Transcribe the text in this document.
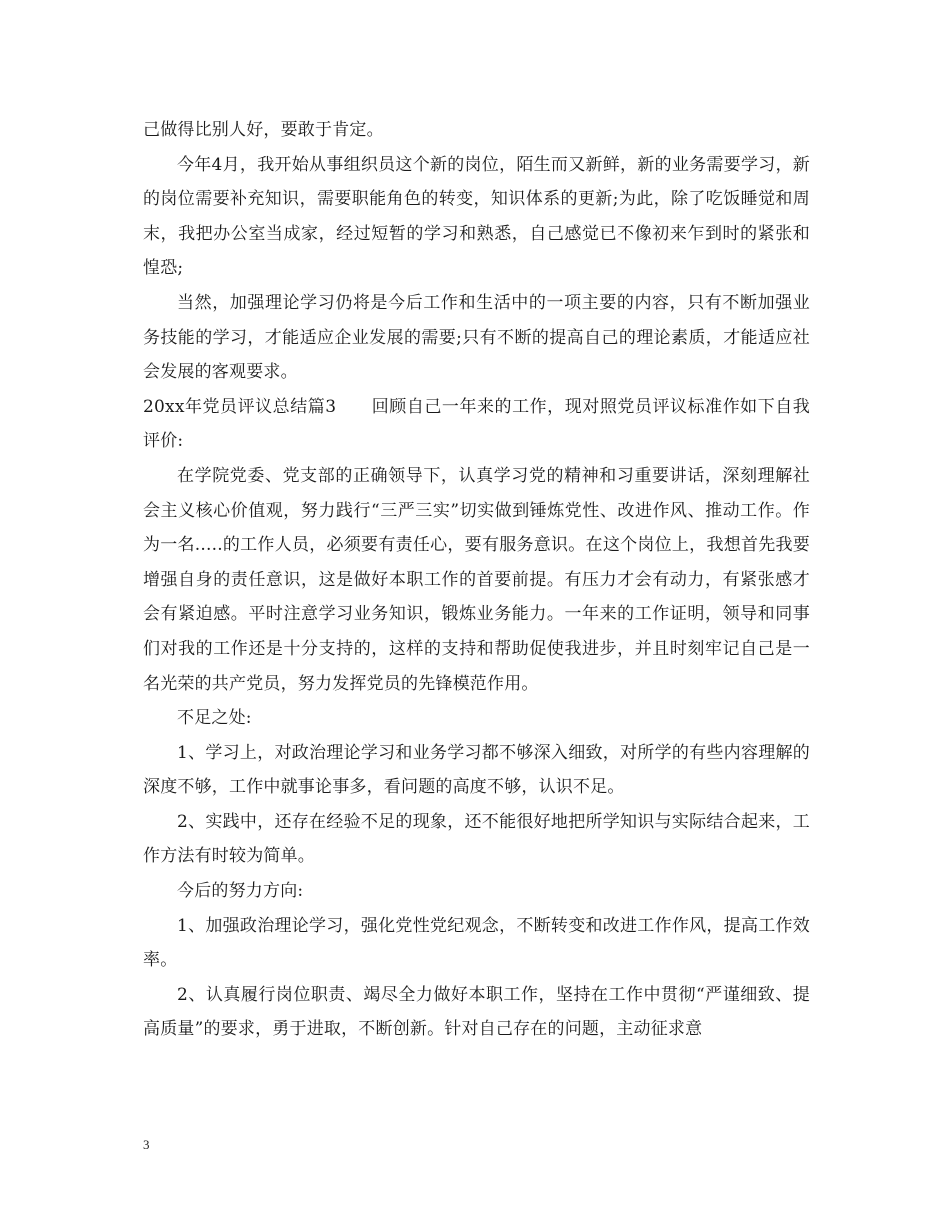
己做得比别人好，要敢于肯定。

今年4月，我开始从事组织员这个新的岗位，陌生而又新鲜，新的业务需要学习，新的岗位需要补充知识，需要职能角色的转变，知识体系的更新;为此，除了吃饭睡觉和周末，我把办公室当成家，经过短暂的学习和熟悉，自己感觉已不像初来乍到时的紧张和惶恐;

当然，加强理论学习仍将是今后工作和生活中的一项主要的内容，只有不断加强业务技能的学习，才能适应企业发展的需要;只有不断的提高自己的理论素质，才能适应社会发展的客观要求。

20xx年党员评议总结篇3　　回顾自己一年来的工作，现对照党员评议标准作如下自我评价:

在学院党委、党支部的正确领导下，认真学习党的精神和习重要讲话，深刻理解社会主义核心价值观，努力践行“三严三实”切实做到锤炼党性、改进作风、推动工作。作为一名.....的工作人员，必须要有责任心，要有服务意识。在这个岗位上，我想首先我要增强自身的责任意识，这是做好本职工作的首要前提。有压力才会有动力，有紧张感才会有紧迫感。平时注意学习业务知识，锻炼业务能力。一年来的工作证明，领导和同事们对我的工作还是十分支持的，这样的支持和帮助促使我进步，并且时刻牢记自己是一名光荣的共产党员，努力发挥党员的先锋模范作用。

不足之处:

1、学习上，对政治理论学习和业务学习都不够深入细致，对所学的有些内容理解的深度不够，工作中就事论事多，看问题的高度不够，认识不足。

2、实践中，还存在经验不足的现象，还不能很好地把所学知识与实际结合起来，工作方法有时较为简单。

今后的努力方向:

1、加强政治理论学习，强化党性党纪观念，不断转变和改进工作作风，提高工作效率。

2、认真履行岗位职责、竭尽全力做好本职工作，坚持在工作中贯彻“严谨细致、提高质量”的要求，勇于进取，不断创新。针对自己存在的问题，主动征求意

3
